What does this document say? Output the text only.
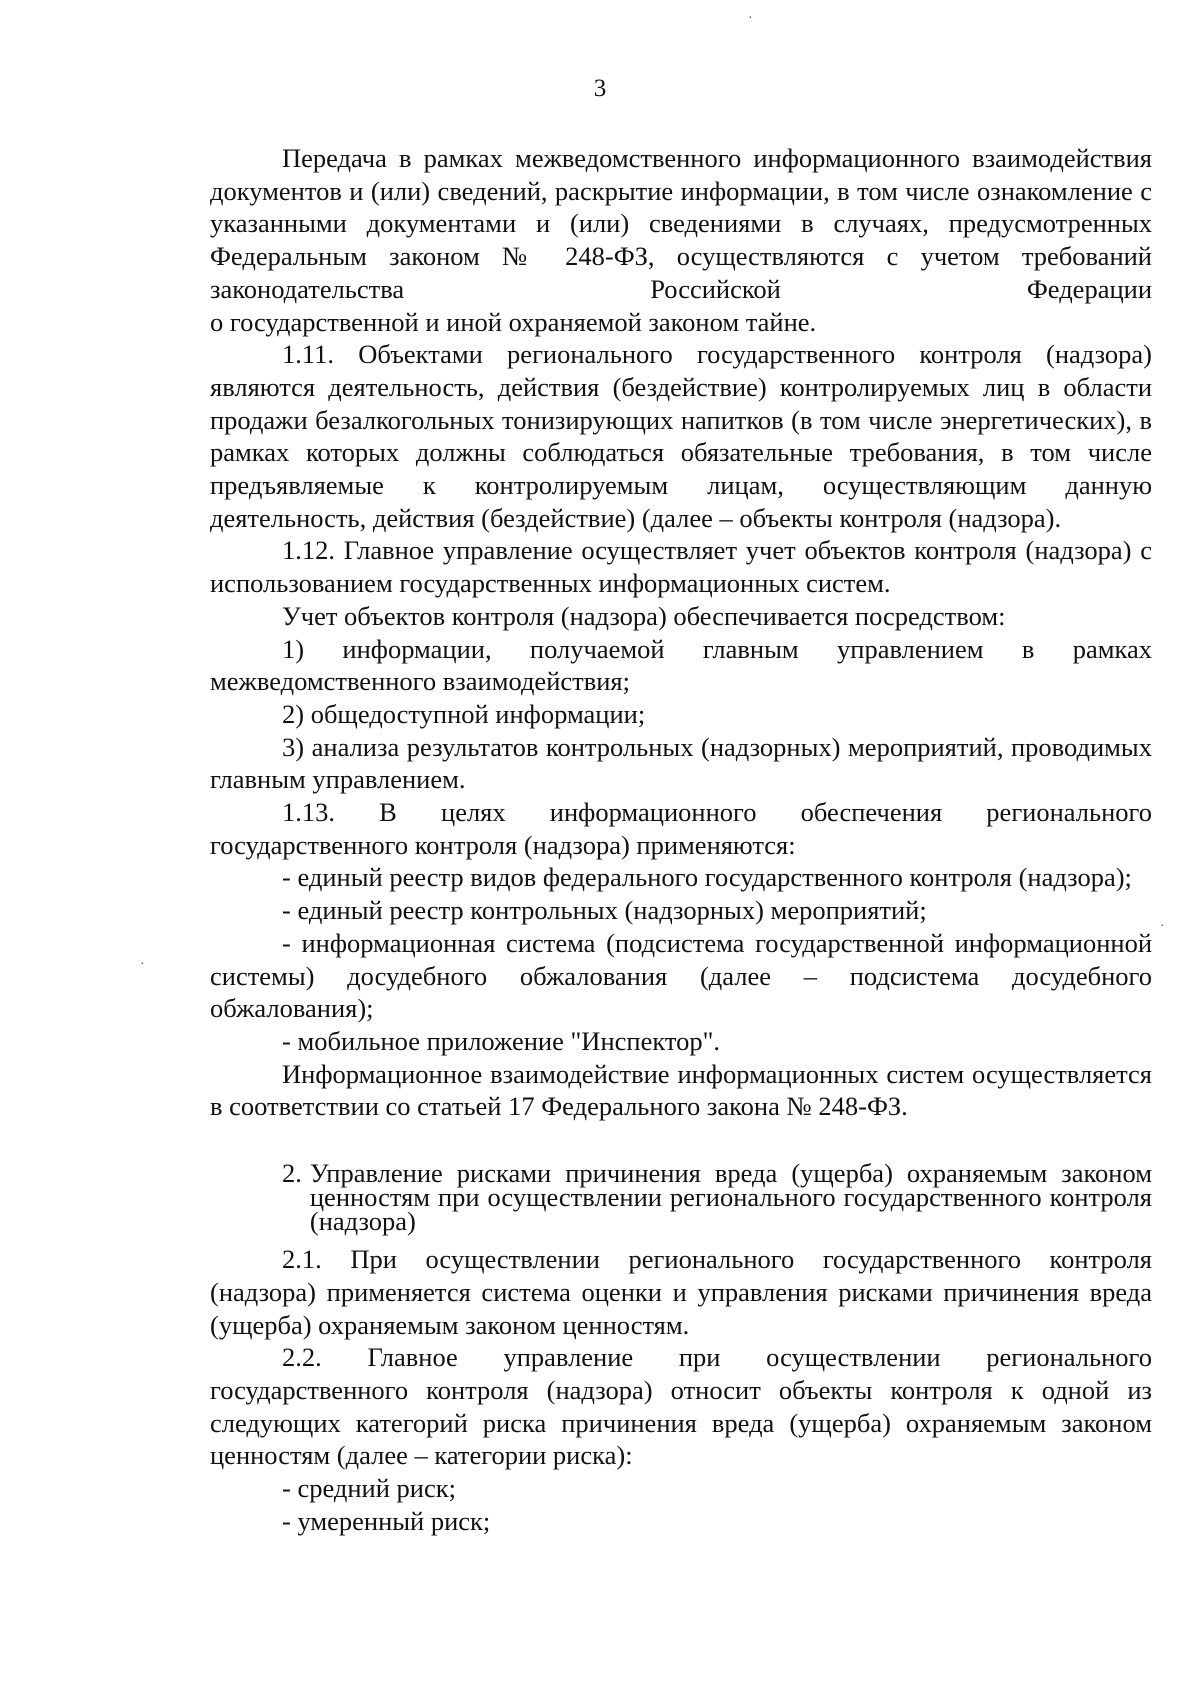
3

Передача в рамках межведомственного информационного взаимодействия документов и (или) сведений, раскрытие информации, в том числе ознакомление с указанными документами и (или) сведениями в случаях, предусмотренных Федеральным законом № 248-ФЗ, осуществляются с учетом требований законодательства Российской Федерации

о государственной и иной охраняемой законом тайне.

1.11. Объектами регионального государственного контроля (надзора) являются деятельность, действия (бездействие) контролируемых лиц в области продажи безалкогольных тонизирующих напитков (в том числе энергетических), в рамках которых должны соблюдаться обязательные требования, в том числе предъявляемые к контролируемым лицам, осуществляющим данную деятельность, действия (бездействие) (далее – объекты контроля (надзора).

1.12. Главное управление осуществляет учет объектов контроля (надзора) с использованием государственных информационных систем.

Учет объектов контроля (надзора) обеспечивается посредством:

1) информации, получаемой главным управлением в рамках межведомственного взаимодействия;

2) общедоступной информации;

3) анализа результатов контрольных (надзорных) мероприятий, проводимых главным управлением.

1.13. В целях информационного обеспечения регионального государственного контроля (надзора) применяются:

- единый реестр видов федерального государственного контроля (надзора);

- единый реестр контрольных (надзорных) мероприятий;

- информационная система (подсистема государственной информационной системы) досудебного обжалования (далее – подсистема досудебного обжалования);

- мобильное приложение "Инспектор".

Информационное взаимодействие информационных систем осуществляется в соответствии со статьей 17 Федерального закона № 248-ФЗ.

2. Управление рисками причинения вреда (ущерба) охраняемым законом ценностям при осуществлении регионального государственного контроля (надзора)

2.1. При осуществлении регионального государственного контроля (надзора) применяется система оценки и управления рисками причинения вреда (ущерба) охраняемым законом ценностям.

2.2. Главное управление при осуществлении регионального государственного контроля (надзора) относит объекты контроля к одной из следующих категорий риска причинения вреда (ущерба) охраняемым законом ценностям (далее – категории риска):

- средний риск;

- умеренный риск;

·
·
·
